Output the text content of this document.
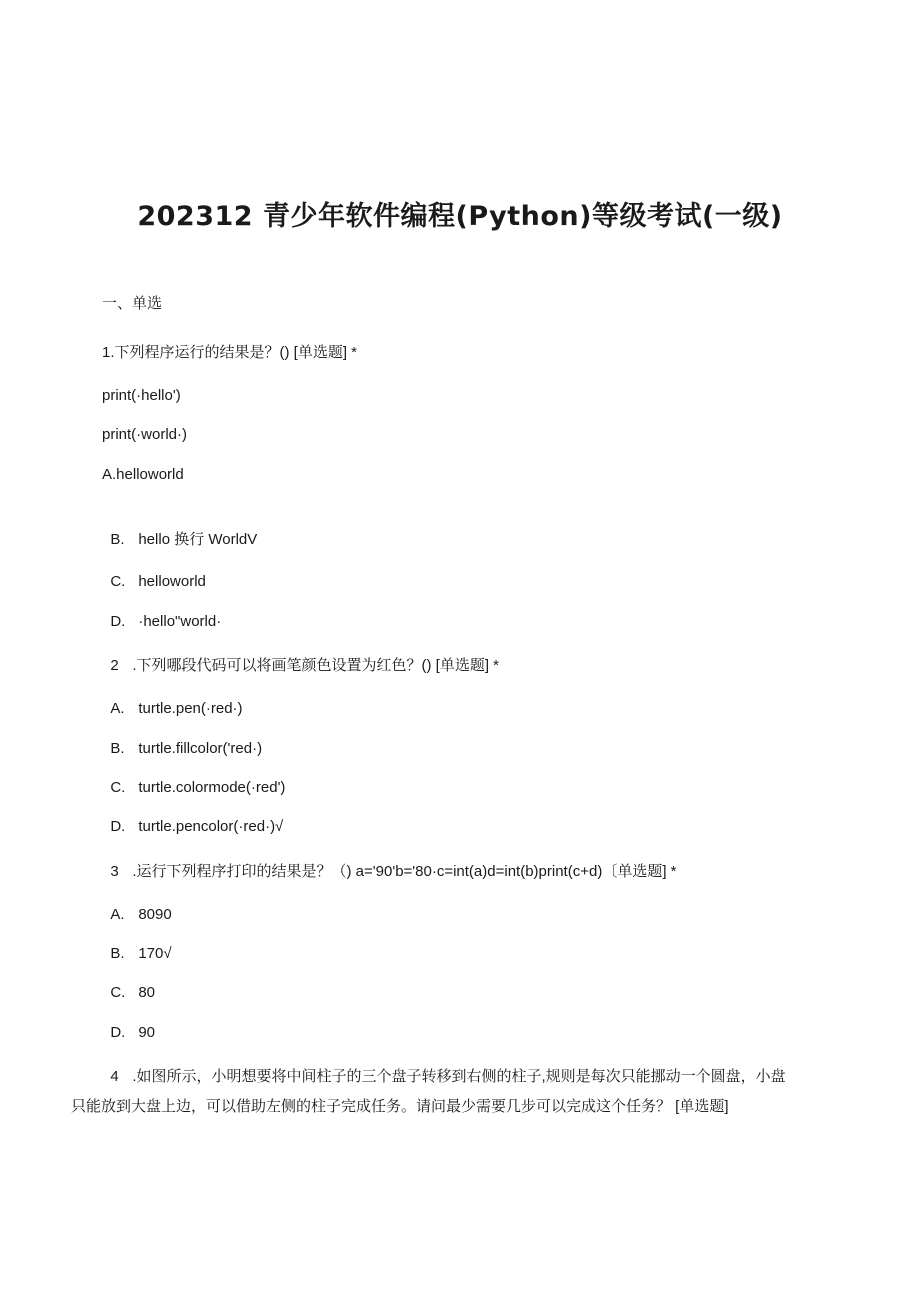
202312 青少年软件编程(Python)等级考试(一级)
一、单选
1.下列程序运行的结果是？() [单选题] *
print(·hello')
print(·world·)
A.helloworld

B. hello 换行 WorldV

C. helloworld

D. ·hello"world·

2 .下列哪段代码可以将画笔颜色设置为红色？() [单选题] *

A. turtle.pen(·red·)

B. turtle.fillcolor('red·)

C. turtle.colormode(·red')

D. turtle.pencolor(·red·)√

3 .运行下列程序打印的结果是？（) a='90'b='80·c=int(a)d=int(b)print(c+d)〔单选题] *

A. 8090

B. 170√

C. 80

D. 90

4 .如图所示，小明想要将中间柱子的三个盘子转移到右侧的柱子,规则是每次只能挪动一个圆盘，小盘

只能放到大盘上边，可以借助左侧的柱子完成任务。请问最少需要几步可以完成这个任务？ [单选题]
